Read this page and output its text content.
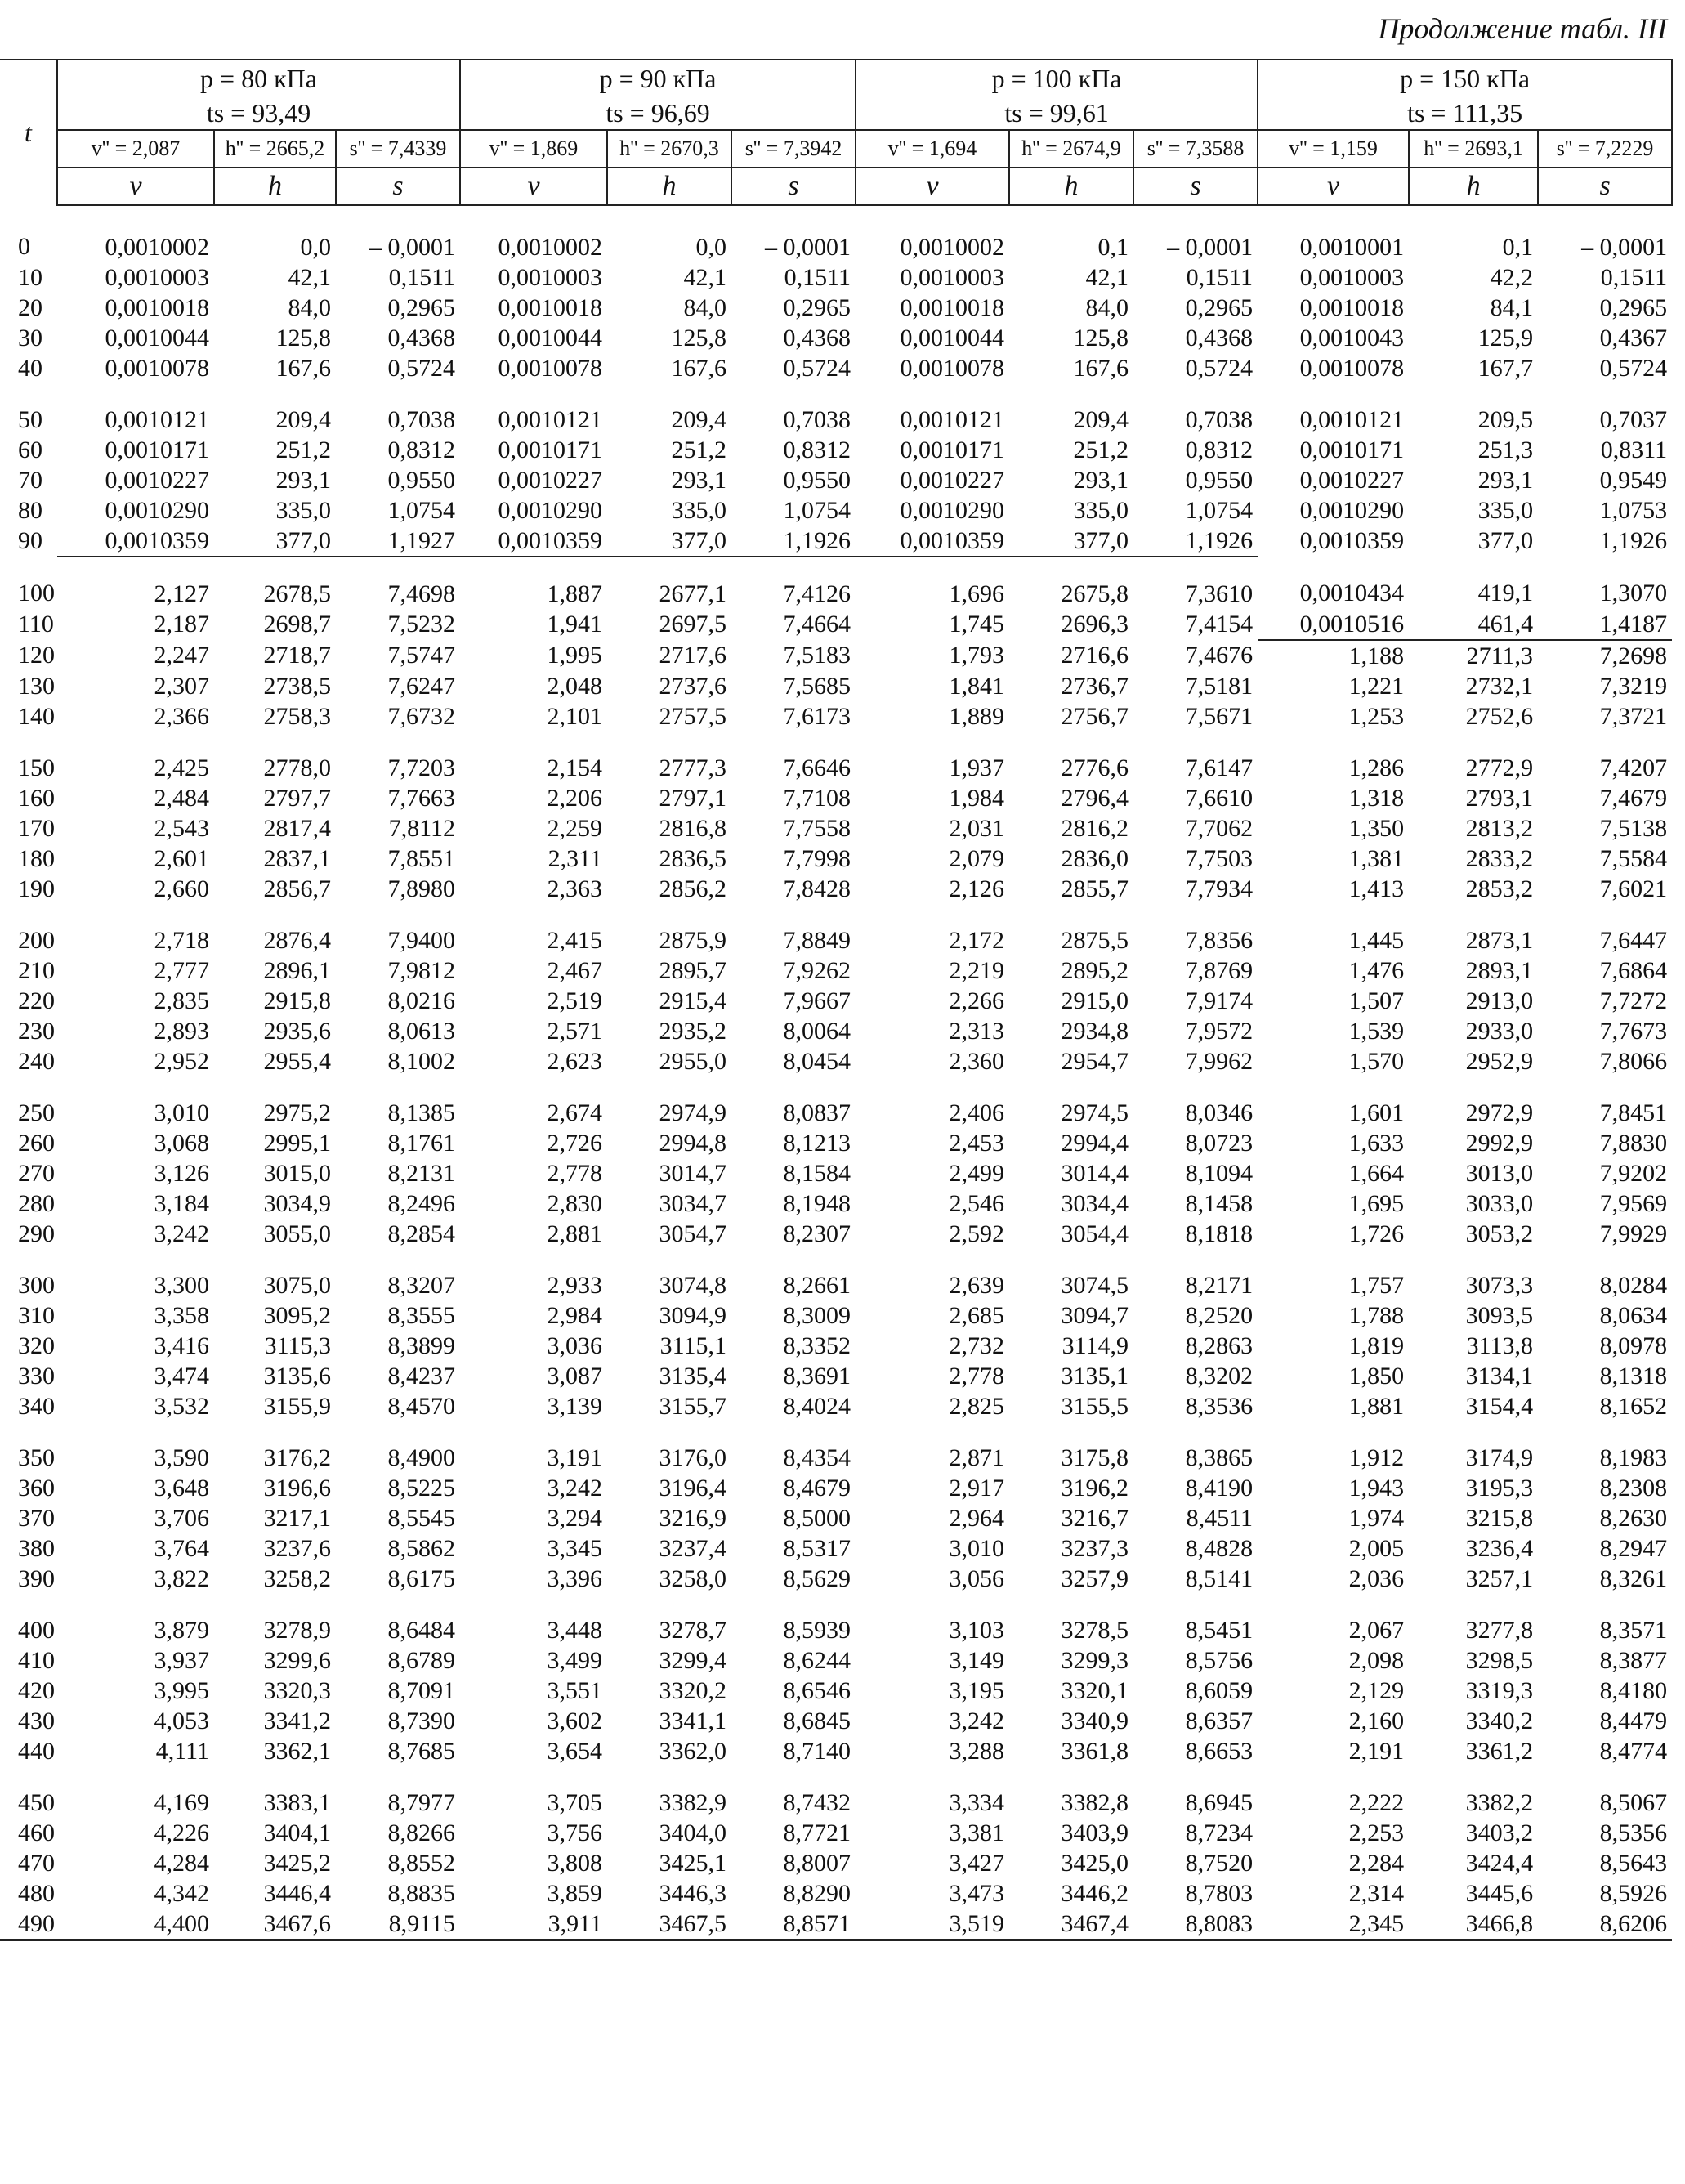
Продолжение табл. III
t	p = 80 кПа			p = 90 кПа			p = 100 кПа			p = 150 кПа		
	ts = 93,49			ts = 96,69			ts = 99,61			ts = 111,35		
	v'' = 2,087	h'' = 2665,2	s'' = 7,4339	v'' = 1,869	h'' = 2670,3	s'' = 7,3942	v'' = 1,694	h'' = 2674,9	s'' = 7,3588	v'' = 1,159	h'' = 2693,1	s'' = 7,2229
	v	h	s	v	h	s	v	h	s	v	h	s
0	0,0010002	0,0	– 0,0001	0,0010002	0,0	– 0,0001	0,0010002	0,1	– 0,0001	0,0010001	0,1	– 0,0001
10	0,0010003	42,1	0,1511	0,0010003	42,1	0,1511	0,0010003	42,1	0,1511	0,0010003	42,2	0,1511
20	0,0010018	84,0	0,2965	0,0010018	84,0	0,2965	0,0010018	84,0	0,2965	0,0010018	84,1	0,2965
30	0,0010044	125,8	0,4368	0,0010044	125,8	0,4368	0,0010044	125,8	0,4368	0,0010043	125,9	0,4367
40	0,0010078	167,6	0,5724	0,0010078	167,6	0,5724	0,0010078	167,6	0,5724	0,0010078	167,7	0,5724
50	0,0010121	209,4	0,7038	0,0010121	209,4	0,7038	0,0010121	209,4	0,7038	0,0010121	209,5	0,7037
60	0,0010171	251,2	0,8312	0,0010171	251,2	0,8312	0,0010171	251,2	0,8312	0,0010171	251,3	0,8311
70	0,0010227	293,1	0,9550	0,0010227	293,1	0,9550	0,0010227	293,1	0,9550	0,0010227	293,1	0,9549
80	0,0010290	335,0	1,0754	0,0010290	335,0	1,0754	0,0010290	335,0	1,0754	0,0010290	335,0	1,0753
90	0,0010359	377,0	1,1927	0,0010359	377,0	1,1926	0,0010359	377,0	1,1926	0,0010359	377,0	1,1926
100	2,127	2678,5	7,4698	1,887	2677,1	7,4126	1,696	2675,8	7,3610	0,0010434	419,1	1,3070
110	2,187	2698,7	7,5232	1,941	2697,5	7,4664	1,745	2696,3	7,4154	0,0010516	461,4	1,4187
120	2,247	2718,7	7,5747	1,995	2717,6	7,5183	1,793	2716,6	7,4676	1,188	2711,3	7,2698
130	2,307	2738,5	7,6247	2,048	2737,6	7,5685	1,841	2736,7	7,5181	1,221	2732,1	7,3219
140	2,366	2758,3	7,6732	2,101	2757,5	7,6173	1,889	2756,7	7,5671	1,253	2752,6	7,3721
150	2,425	2778,0	7,7203	2,154	2777,3	7,6646	1,937	2776,6	7,6147	1,286	2772,9	7,4207
160	2,484	2797,7	7,7663	2,206	2797,1	7,7108	1,984	2796,4	7,6610	1,318	2793,1	7,4679
170	2,543	2817,4	7,8112	2,259	2816,8	7,7558	2,031	2816,2	7,7062	1,350	2813,2	7,5138
180	2,601	2837,1	7,8551	2,311	2836,5	7,7998	2,079	2836,0	7,7503	1,381	2833,2	7,5584
190	2,660	2856,7	7,8980	2,363	2856,2	7,8428	2,126	2855,7	7,7934	1,413	2853,2	7,6021
200	2,718	2876,4	7,9400	2,415	2875,9	7,8849	2,172	2875,5	7,8356	1,445	2873,1	7,6447
210	2,777	2896,1	7,9812	2,467	2895,7	7,9262	2,219	2895,2	7,8769	1,476	2893,1	7,6864
220	2,835	2915,8	8,0216	2,519	2915,4	7,9667	2,266	2915,0	7,9174	1,507	2913,0	7,7272
230	2,893	2935,6	8,0613	2,571	2935,2	8,0064	2,313	2934,8	7,9572	1,539	2933,0	7,7673
240	2,952	2955,4	8,1002	2,623	2955,0	8,0454	2,360	2954,7	7,9962	1,570	2952,9	7,8066
250	3,010	2975,2	8,1385	2,674	2974,9	8,0837	2,406	2974,5	8,0346	1,601	2972,9	7,8451
260	3,068	2995,1	8,1761	2,726	2994,8	8,1213	2,453	2994,4	8,0723	1,633	2992,9	7,8830
270	3,126	3015,0	8,2131	2,778	3014,7	8,1584	2,499	3014,4	8,1094	1,664	3013,0	7,9202
280	3,184	3034,9	8,2496	2,830	3034,7	8,1948	2,546	3034,4	8,1458	1,695	3033,0	7,9569
290	3,242	3055,0	8,2854	2,881	3054,7	8,2307	2,592	3054,4	8,1818	1,726	3053,2	7,9929
300	3,300	3075,0	8,3207	2,933	3074,8	8,2661	2,639	3074,5	8,2171	1,757	3073,3	8,0284
310	3,358	3095,2	8,3555	2,984	3094,9	8,3009	2,685	3094,7	8,2520	1,788	3093,5	8,0634
320	3,416	3115,3	8,3899	3,036	3115,1	8,3352	2,732	3114,9	8,2863	1,819	3113,8	8,0978
330	3,474	3135,6	8,4237	3,087	3135,4	8,3691	2,778	3135,1	8,3202	1,850	3134,1	8,1318
340	3,532	3155,9	8,4570	3,139	3155,7	8,4024	2,825	3155,5	8,3536	1,881	3154,4	8,1652
350	3,590	3176,2	8,4900	3,191	3176,0	8,4354	2,871	3175,8	8,3865	1,912	3174,9	8,1983
360	3,648	3196,6	8,5225	3,242	3196,4	8,4679	2,917	3196,2	8,4190	1,943	3195,3	8,2308
370	3,706	3217,1	8,5545	3,294	3216,9	8,5000	2,964	3216,7	8,4511	1,974	3215,8	8,2630
380	3,764	3237,6	8,5862	3,345	3237,4	8,5317	3,010	3237,3	8,4828	2,005	3236,4	8,2947
390	3,822	3258,2	8,6175	3,396	3258,0	8,5629	3,056	3257,9	8,5141	2,036	3257,1	8,3261
400	3,879	3278,9	8,6484	3,448	3278,7	8,5939	3,103	3278,5	8,5451	2,067	3277,8	8,3571
410	3,937	3299,6	8,6789	3,499	3299,4	8,6244	3,149	3299,3	8,5756	2,098	3298,5	8,3877
420	3,995	3320,3	8,7091	3,551	3320,2	8,6546	3,195	3320,1	8,6059	2,129	3319,3	8,4180
430	4,053	3341,2	8,7390	3,602	3341,1	8,6845	3,242	3340,9	8,6357	2,160	3340,2	8,4479
440	4,111	3362,1	8,7685	3,654	3362,0	8,7140	3,288	3361,8	8,6653	2,191	3361,2	8,4774
450	4,169	3383,1	8,7977	3,705	3382,9	8,7432	3,334	3382,8	8,6945	2,222	3382,2	8,5067
460	4,226	3404,1	8,8266	3,756	3404,0	8,7721	3,381	3403,9	8,7234	2,253	3403,2	8,5356
470	4,284	3425,2	8,8552	3,808	3425,1	8,8007	3,427	3425,0	8,7520	2,284	3424,4	8,5643
480	4,342	3446,4	8,8835	3,859	3446,3	8,8290	3,473	3446,2	8,7803	2,314	3445,6	8,5926
490	4,400	3467,6	8,9115	3,911	3467,5	8,8571	3,519	3467,4	8,8083	2,345	3466,8	8,6206
